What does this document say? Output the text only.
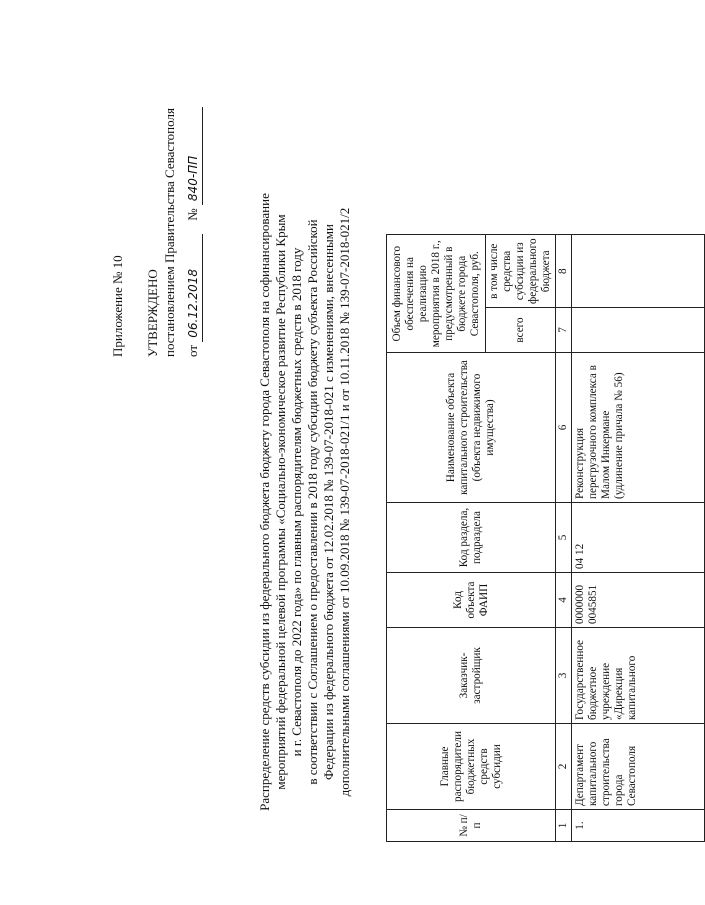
Приложение № 10 УТВЕРЖДЕНО постановлением Правительства Севастополя от 06.12.2018    № 840-ПП
Распределение средств субсидии из федерального бюджета бюджету города Севастополя на софинансирование мероприятий федеральной целевой программы «Социально-экономическое развитие Республики Крым и г. Севастополя до 2022 года» по главным распорядителям бюджетных средств в 2018 году в соответствии с Соглашением о предоставлении в 2018 году субсидии бюджету субъекта Российской Федерации из федерального бюджета от 12.02.2018 № 139-07-2018-021 с изменениями, внесенными дополнительными соглашениями от 10.09.2018 № 139-07-2018-021/1 и от 10.11.2018 № 139-07-2018-021/2
№ п/п	Главные распорядители бюджетных средств субсидии	Заказчик-застройщик	Код объекта ФАИП	Код раздела, подраздела	Наименование объекта капитального строительства (объекта недвижимого имущества)	Объем финансового обеспечения на реализацию мероприятия в 2018 г., предусмотренный в бюджете города Севастополя, руб.	
						всего	в том числе средства субсидии из федерального бюджета
1	2	3	4	5	6	7	8
1.	Департамент капитального строительства города Севастополя	Государственное бюджетное учреждение «Дирекция капитального	0000000 0045851	04 12	Реконструкция перегрузочного комплекса в Малом Инкермане (удлинение причала № 56)		
